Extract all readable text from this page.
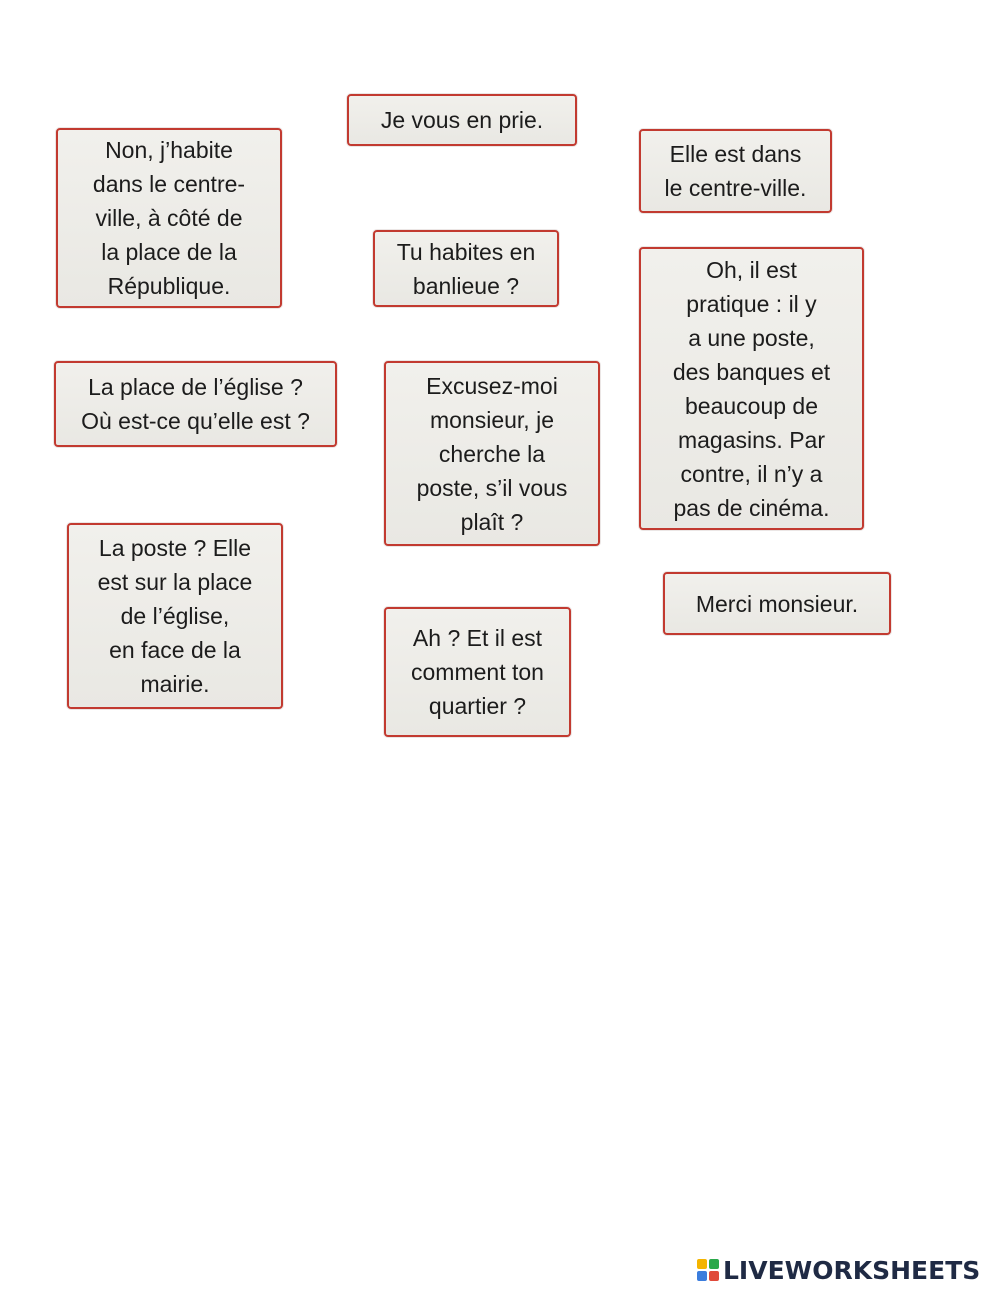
Je vous en prie.
Non, j’habite
dans le centre-
ville, à côté de
la place de la
République.
Elle est dans
le centre-ville.
Tu habites en
banlieue ?
Oh, il est
pratique : il y
a une poste,
des banques et
beaucoup de
magasins. Par
contre, il n’y a
pas de cinéma.
La place de l’église ?
Où est-ce qu’elle est ?
Excusez-moi
monsieur, je
cherche la
poste, s’il vous
plaît ?
La poste ? Elle
est sur la place
de l’église,
en face de la
mairie.
Merci monsieur.
Ah ? Et il est
comment ton
quartier ?
LIVEWORKSHEETS
